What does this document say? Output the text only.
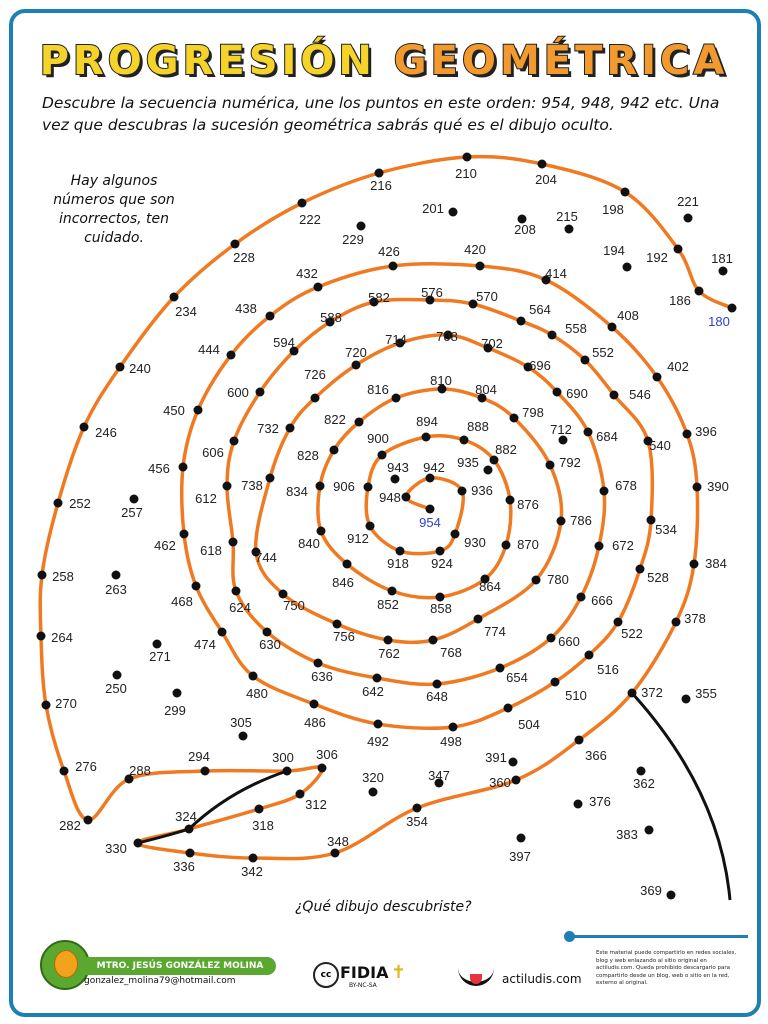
PROGRESIÓN GEOMÉTRICA
Descubre la secuencia numérica, une los puntos en este orden: 954, 948, 942 etc. Una vez que descubras la sucesión geométrica sabrás qué es el dibujo oculto.
Hay algunos números que son incorrectos, ten cuidado.
954
948
942
936
930
924
918
912
906
900
894 888
882
876
870
864
858
852
846
840
834
828
822
816
810
804
798
792
786
780
774
768
762
756
750
744
738
732
726
720
714 708 702
696
690
684
678
672
666
660
654
648
642
636
630
624
618
612
606
600
594
588
582 576	570
564
558
552
546
540
534
528
522
516
510
504
498
492
486
480
474
468
462
456
450
444
438
432
426	420
414
408
402
396
390
384
378
372
366
360
354
348
342
336
330
324
318
312
306
300
294
288
282
276
270
264
258
252
246
240
234
228
222
216
210	204
198
192
186
180
943	935
712
201
208
215
229
194
221
181
257
263
271
250
299
305
320	347
391
355
362
376
383
397
369
¿Qué dibujo descubriste?
MTRO. JESÚS GONZÁLEZ MOLINA
gonzalez_molina79@hotmail.com
cc FIDIA
BY-NC-SA
✝	actiludis.com
Este material puede compartirlo en redes sociales, blog y web enlazando al sitio original en actiludis.com. Queda prohibido descargarlo para compartirlo desde un blog, web o sitio en la red, externo al original.
